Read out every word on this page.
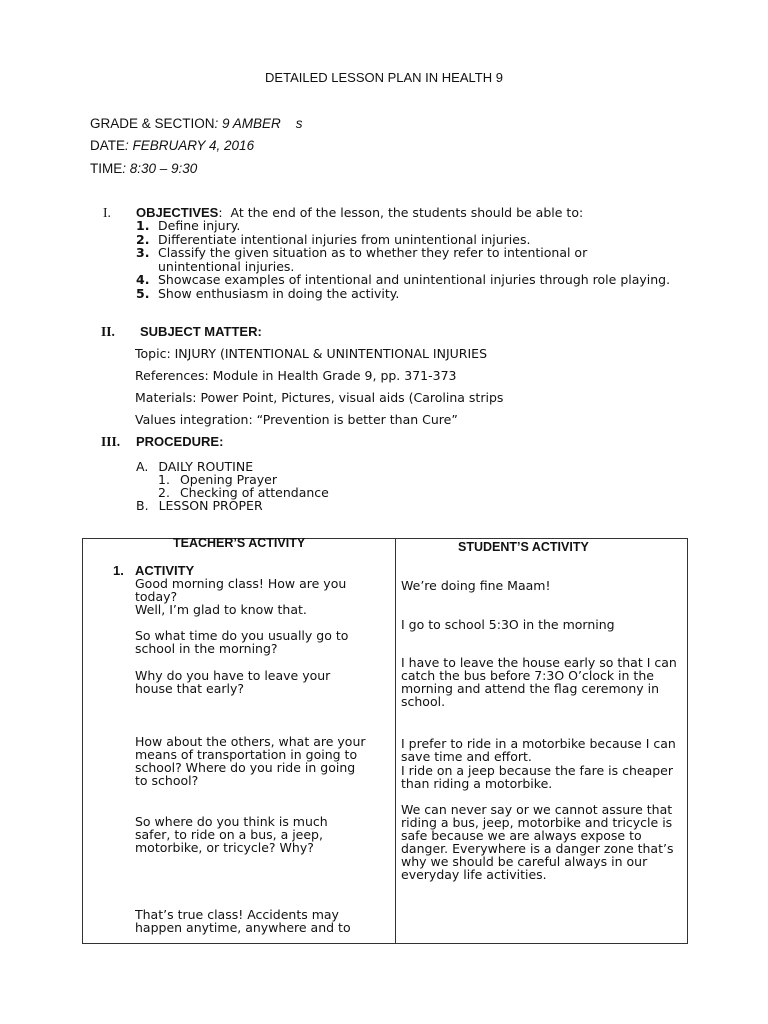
DETAILED LESSON PLAN IN HEALTH 9
GRADE & SECTION: 9 AMBER    s
DATE: FEBRUARY 4, 2016
TIME: 8:30 – 9:30
I. OBJECTIVES:  At the end of the lesson, the students should be able to:
1. Define injury.
2. Differentiate intentional injuries from unintentional injuries.
3. Classify the given situation as to whether they refer to intentional or unintentional injuries.
4. Showcase examples of intentional and unintentional injuries through role playing.
5. Show enthusiasm in doing the activity.
II. SUBJECT MATTER:

Topic: INJURY (INTENTIONAL & UNINTENTIONAL INJURIES

References: Module in Health Grade 9, pp. 371-373

Materials: Power Point, Pictures, visual aids (Carolina strips

Values integration: “Prevention is better than Cure”

III. PROCEDURE:
A. DAILY ROUTINE
1. Opening Prayer
2. Checking of attendance
B. LESSON PROPER
TEACHER’S ACTIVITY	STUDENT’S ACTIVITY
1. ACTIVITY
Good morning class! How are you today?
Well, I’m glad to know that.
So what time do you usually go to school in the morning?
Why do you have to leave your house that early?
How about the others, what are your means of transportation in going to school? Where do you ride in going to school?
So where do you think is much safer, to ride on a bus, a jeep, motorbike, or tricycle? Why?
That’s true class! Accidents may happen anytime, anywhere and to
We’re doing fine Maam!
I go to school 5:3O in the morning
I have to leave the house early so that I can catch the bus before 7:3O O’clock in the morning and attend the flag ceremony in school.
I prefer to ride in a motorbike because I can save time and effort.
I ride on a jeep because the fare is cheaper than riding a motorbike.
We can never say or we cannot assure that riding a bus, jeep, motorbike and tricycle is safe because we are always expose to danger. Everywhere is a danger zone that’s why we should be careful always in our everyday life activities.
